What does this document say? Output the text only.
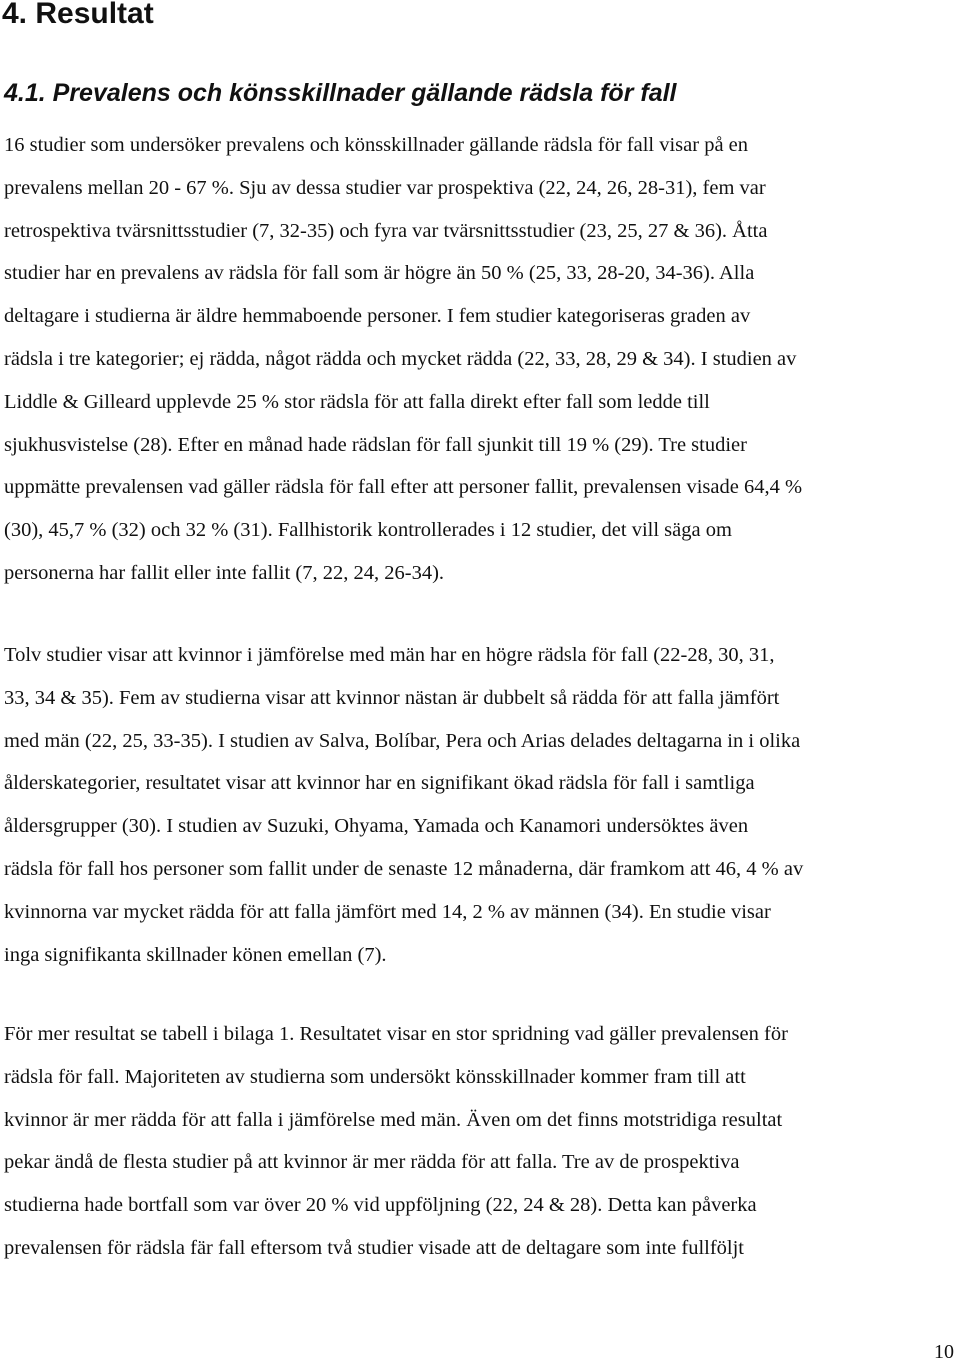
4. Resultat
4.1. Prevalens och könsskillnader gällande rädsla för fall
16 studier som undersöker prevalens och könsskillnader gällande rädsla för fall visar på en
prevalens mellan 20 - 67 %. Sju av dessa studier var prospektiva (22, 24, 26, 28-31), fem var
retrospektiva tvärsnittsstudier (7, 32-35) och fyra var tvärsnittsstudier (23, 25, 27 & 36). Åtta
studier har en prevalens av rädsla för fall som är högre än 50 % (25, 33, 28-20, 34-36). Alla
deltagare i studierna är äldre hemmaboende personer. I fem studier kategoriseras graden av
rädsla i tre kategorier; ej rädda, något rädda och mycket rädda (22, 33, 28, 29 & 34). I studien av
Liddle & Gilleard upplevde 25 % stor rädsla för att falla direkt efter fall som ledde till
sjukhusvistelse (28). Efter en månad hade rädslan för fall sjunkit till 19 % (29). Tre studier
uppmätte prevalensen vad gäller rädsla för fall efter att personer fallit, prevalensen visade 64,4 %
(30), 45,7 % (32) och 32 % (31). Fallhistorik kontrollerades i 12 studier, det vill säga om
personerna har fallit eller inte fallit (7, 22, 24, 26-34).
Tolv studier visar att kvinnor i jämförelse med män har en högre rädsla för fall (22-28, 30, 31,
33, 34 & 35). Fem av studierna visar att kvinnor nästan är dubbelt så rädda för att falla jämfört
med män (22, 25, 33-35). I studien av Salva, Bolíbar, Pera och Arias delades deltagarna in i olika
ålderskategorier, resultatet visar att kvinnor har en signifikant ökad rädsla för fall i samtliga
åldersgrupper (30). I studien av Suzuki, Ohyama, Yamada och Kanamori undersöktes även
rädsla för fall hos personer som fallit under de senaste 12 månaderna, där framkom att 46, 4 % av
kvinnorna var mycket rädda för att falla jämfört med 14, 2 % av männen (34). En studie visar
inga signifikanta skillnader könen emellan (7).
För mer resultat se tabell i bilaga 1. Resultatet visar en stor spridning vad gäller prevalensen för
rädsla för fall. Majoriteten av studierna som undersökt könsskillnader kommer fram till att
kvinnor är mer rädda för att falla i jämförelse med män. Även om det finns motstridiga resultat
pekar ändå de flesta studier på att kvinnor är mer rädda för att falla. Tre av de prospektiva
studierna hade bortfall som var över 20 % vid uppföljning (22, 24 & 28). Detta kan påverka
prevalensen för rädsla fär fall eftersom två studier visade att de deltagare som inte fullföljt
10
